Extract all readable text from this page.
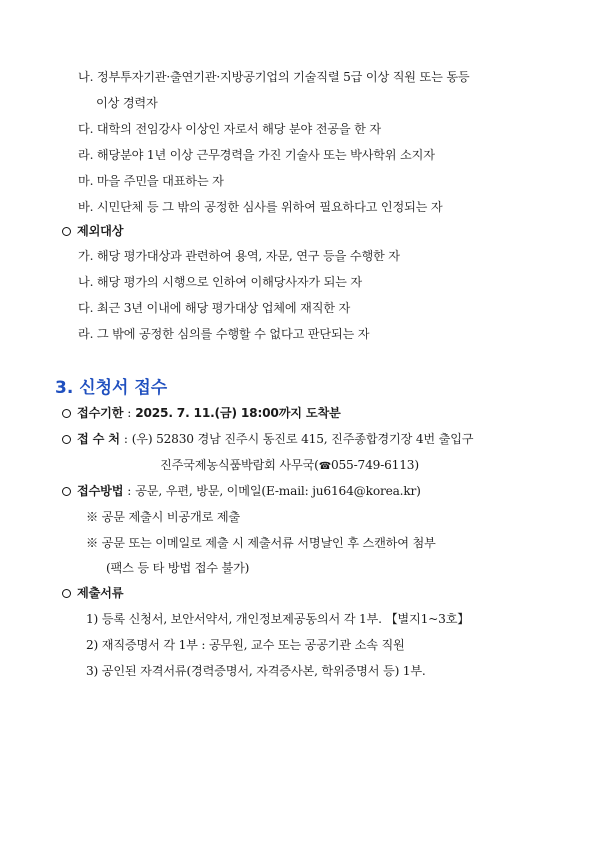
나. 정부투자기관·출연기관·지방공기업의 기술직렬 5급 이상 직원 또는 동등
이상 경력자
다. 대학의 전임강사 이상인 자로서 해당 분야 전공을 한 자
라. 해당분야 1년 이상 근무경력을 가진 기술사 또는 박사학위 소지자
마. 마을 주민을 대표하는 자
바. 시민단체 등 그 밖의 공정한 심사를 위하여 필요하다고 인정되는 자
제외대상
가. 해당 평가대상과 관련하여 용역, 자문, 연구 등을 수행한 자
나. 해당 평가의 시행으로 인하여 이해당사자가 되는 자
다. 최근 3년 이내에 해당 평가대상 업체에 재직한 자
라. 그 밖에 공정한 심의를 수행할 수 없다고 판단되는 자
3. 신청서 접수
접수기한 : 2025. 7. 11.(금) 18:00까지 도착분
접 수 처 : (우) 52830 경남 진주시 동진로 415, 진주종합경기장 4번 출입구
진주국제농식품박람회 사무국(☎055-749-6113)
접수방법 : 공문, 우편, 방문, 이메일(E-mail: ju6164@korea.kr)
※ 공문 제출시 비공개로 제출
※ 공문 또는 이메일로 제출 시 제출서류 서명날인 후 스캔하여 첨부
(팩스 등 타 방법 접수 불가)
제출서류
1) 등록 신청서, 보안서약서, 개인정보제공동의서 각 1부. 【별지1~3호】
2) 재직증명서 각 1부 : 공무원, 교수 또는 공공기관 소속 직원
3) 공인된 자격서류(경력증명서, 자격증사본, 학위증명서 등) 1부.
